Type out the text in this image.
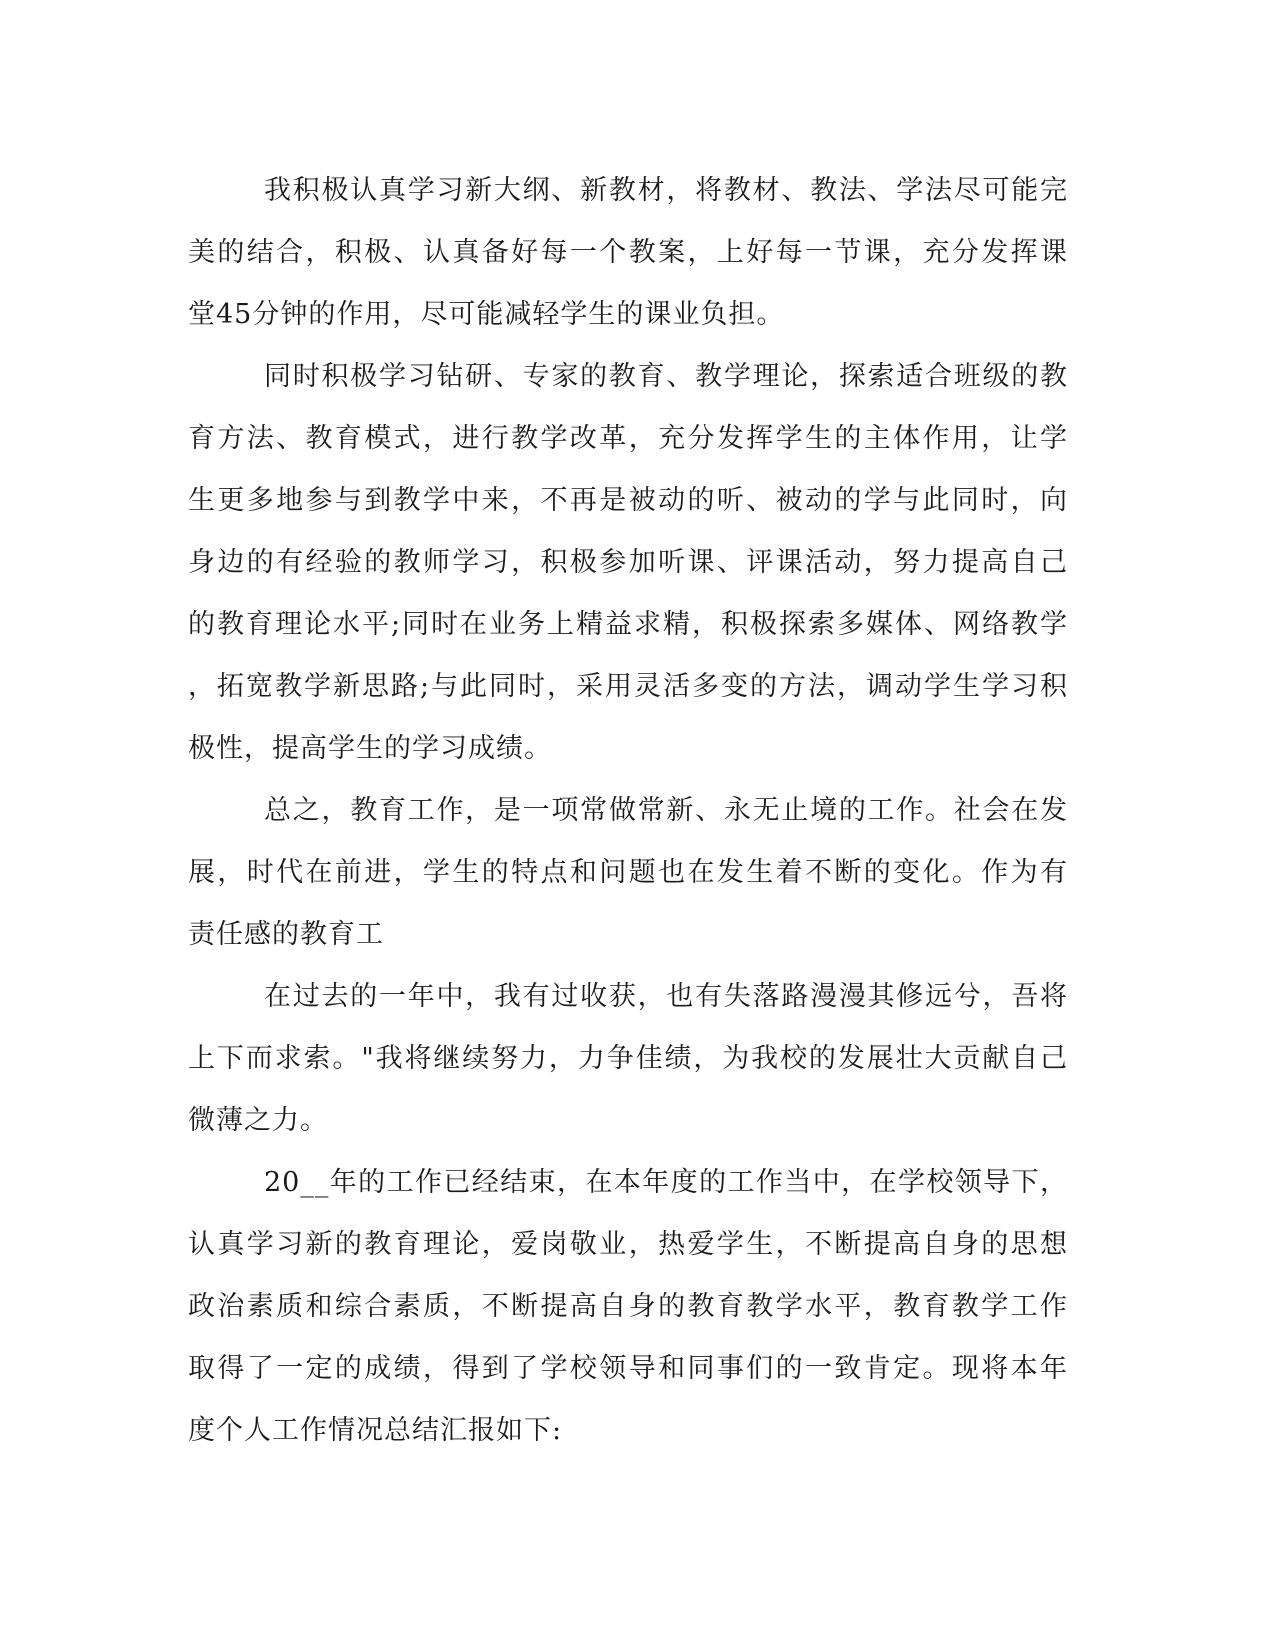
我积极认真学习新大纲、新教材，将教材、教法、学法尽可能完
美的结合，积极、认真备好每一个教案，上好每一节课，充分发挥课
堂45分钟的作用，尽可能减轻学生的课业负担。

同时积极学习钻研、专家的教育、教学理论，探索适合班级的教
育方法、教育模式，进行教学改革，充分发挥学生的主体作用，让学
生更多地参与到教学中来，不再是被动的听、被动的学与此同时，向
身边的有经验的教师学习，积极参加听课、评课活动，努力提高自己
的教育理论水平;同时在业务上精益求精，积极探索多媒体、网络教学
，拓宽教学新思路;与此同时，采用灵活多变的方法，调动学生学习积
极性，提高学生的学习成绩。

总之，教育工作，是一项常做常新、永无止境的工作。社会在发
展，时代在前进，学生的特点和问题也在发生着不断的变化。作为有
责任感的教育工

在过去的一年中，我有过收获，也有失落路漫漫其修远兮，吾将
上下而求索。"我将继续努力，力争佳绩，为我校的发展壮大贡献自己
微薄之力。

20__年的工作已经结束，在本年度的工作当中，在学校领导下，
认真学习新的教育理论，爱岗敬业，热爱学生，不断提高自身的思想
政治素质和综合素质，不断提高自身的教育教学水平，教育教学工作
取得了一定的成绩，得到了学校领导和同事们的一致肯定。现将本年
度个人工作情况总结汇报如下:
